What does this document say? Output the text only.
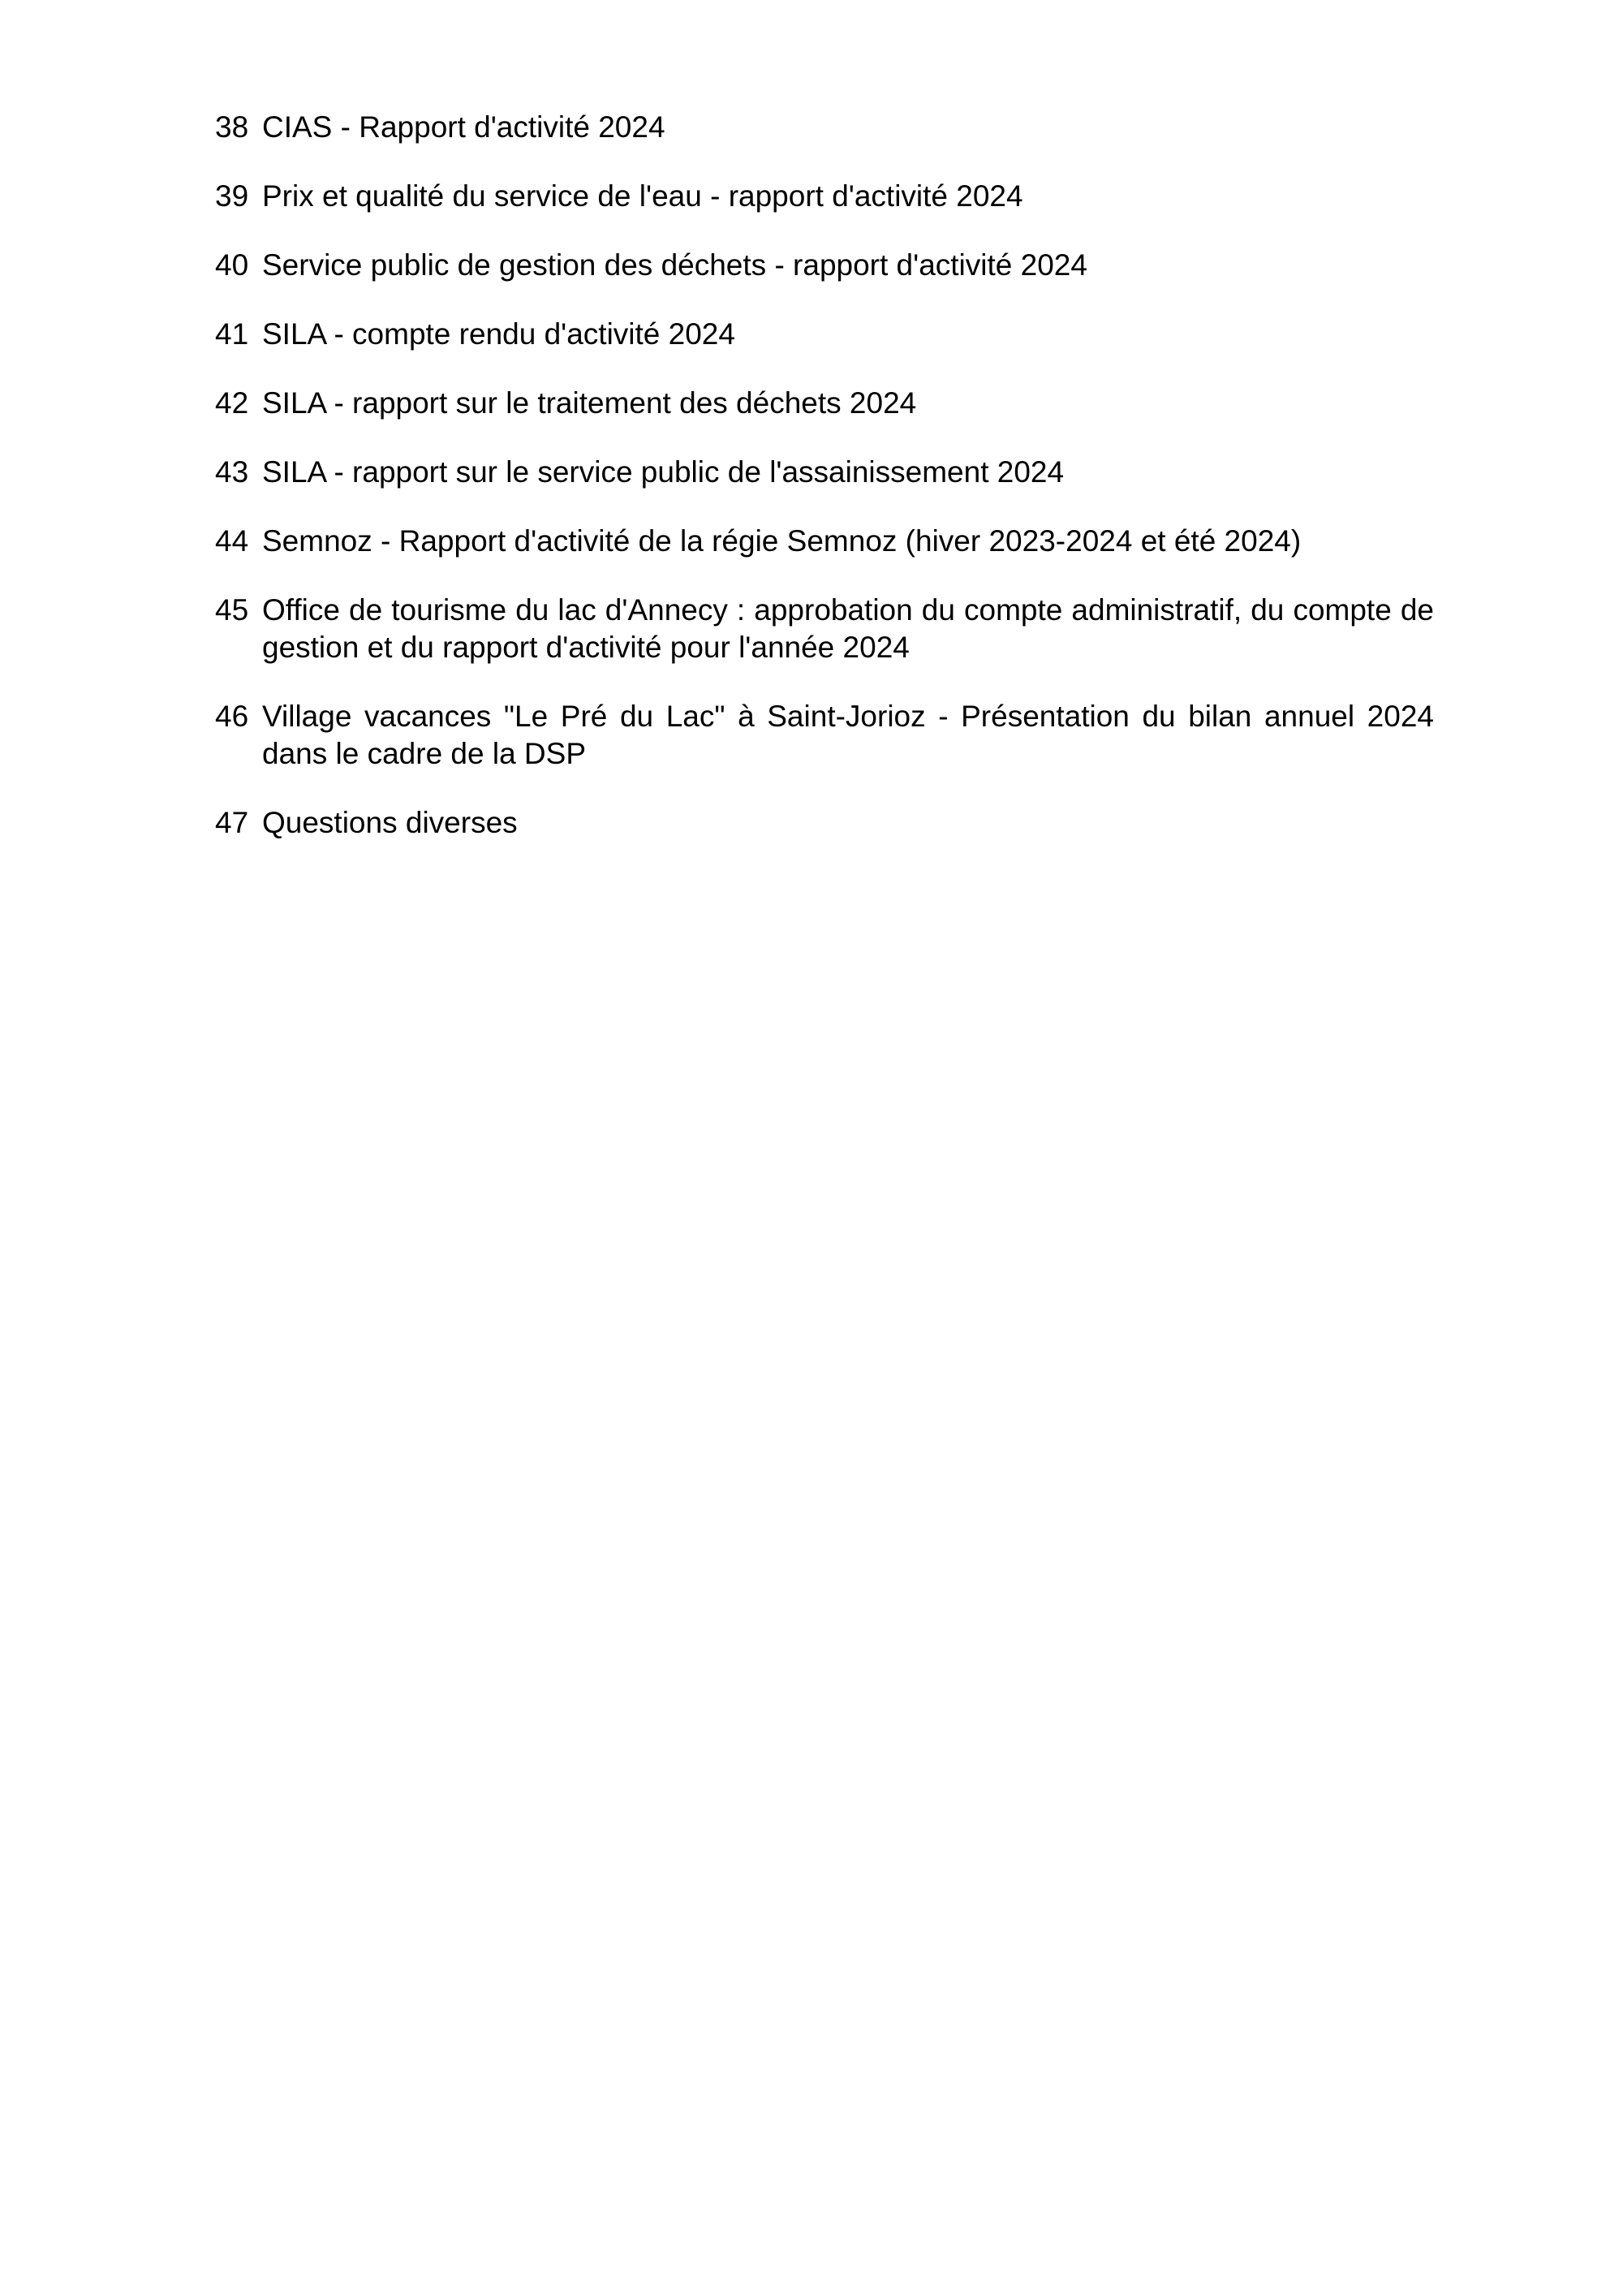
38 CIAS - Rapport d'activité 2024
39 Prix et qualité du service de l'eau - rapport d'activité 2024
40 Service public de gestion des déchets - rapport d'activité 2024
41 SILA - compte rendu d'activité 2024
42 SILA - rapport sur le traitement des déchets 2024
43 SILA - rapport sur le service public de l'assainissement 2024
44 Semnoz - Rapport d'activité de la régie Semnoz (hiver 2023-2024 et été 2024)
45 Office de tourisme du lac d'Annecy : approbation du compte administratif, du compte de
gestion et du rapport d'activité pour l'année 2024
46 Village vacances "Le Pré du Lac" à Saint-Jorioz - Présentation du bilan annuel 2024
dans le cadre de la DSP
47 Questions diverses
